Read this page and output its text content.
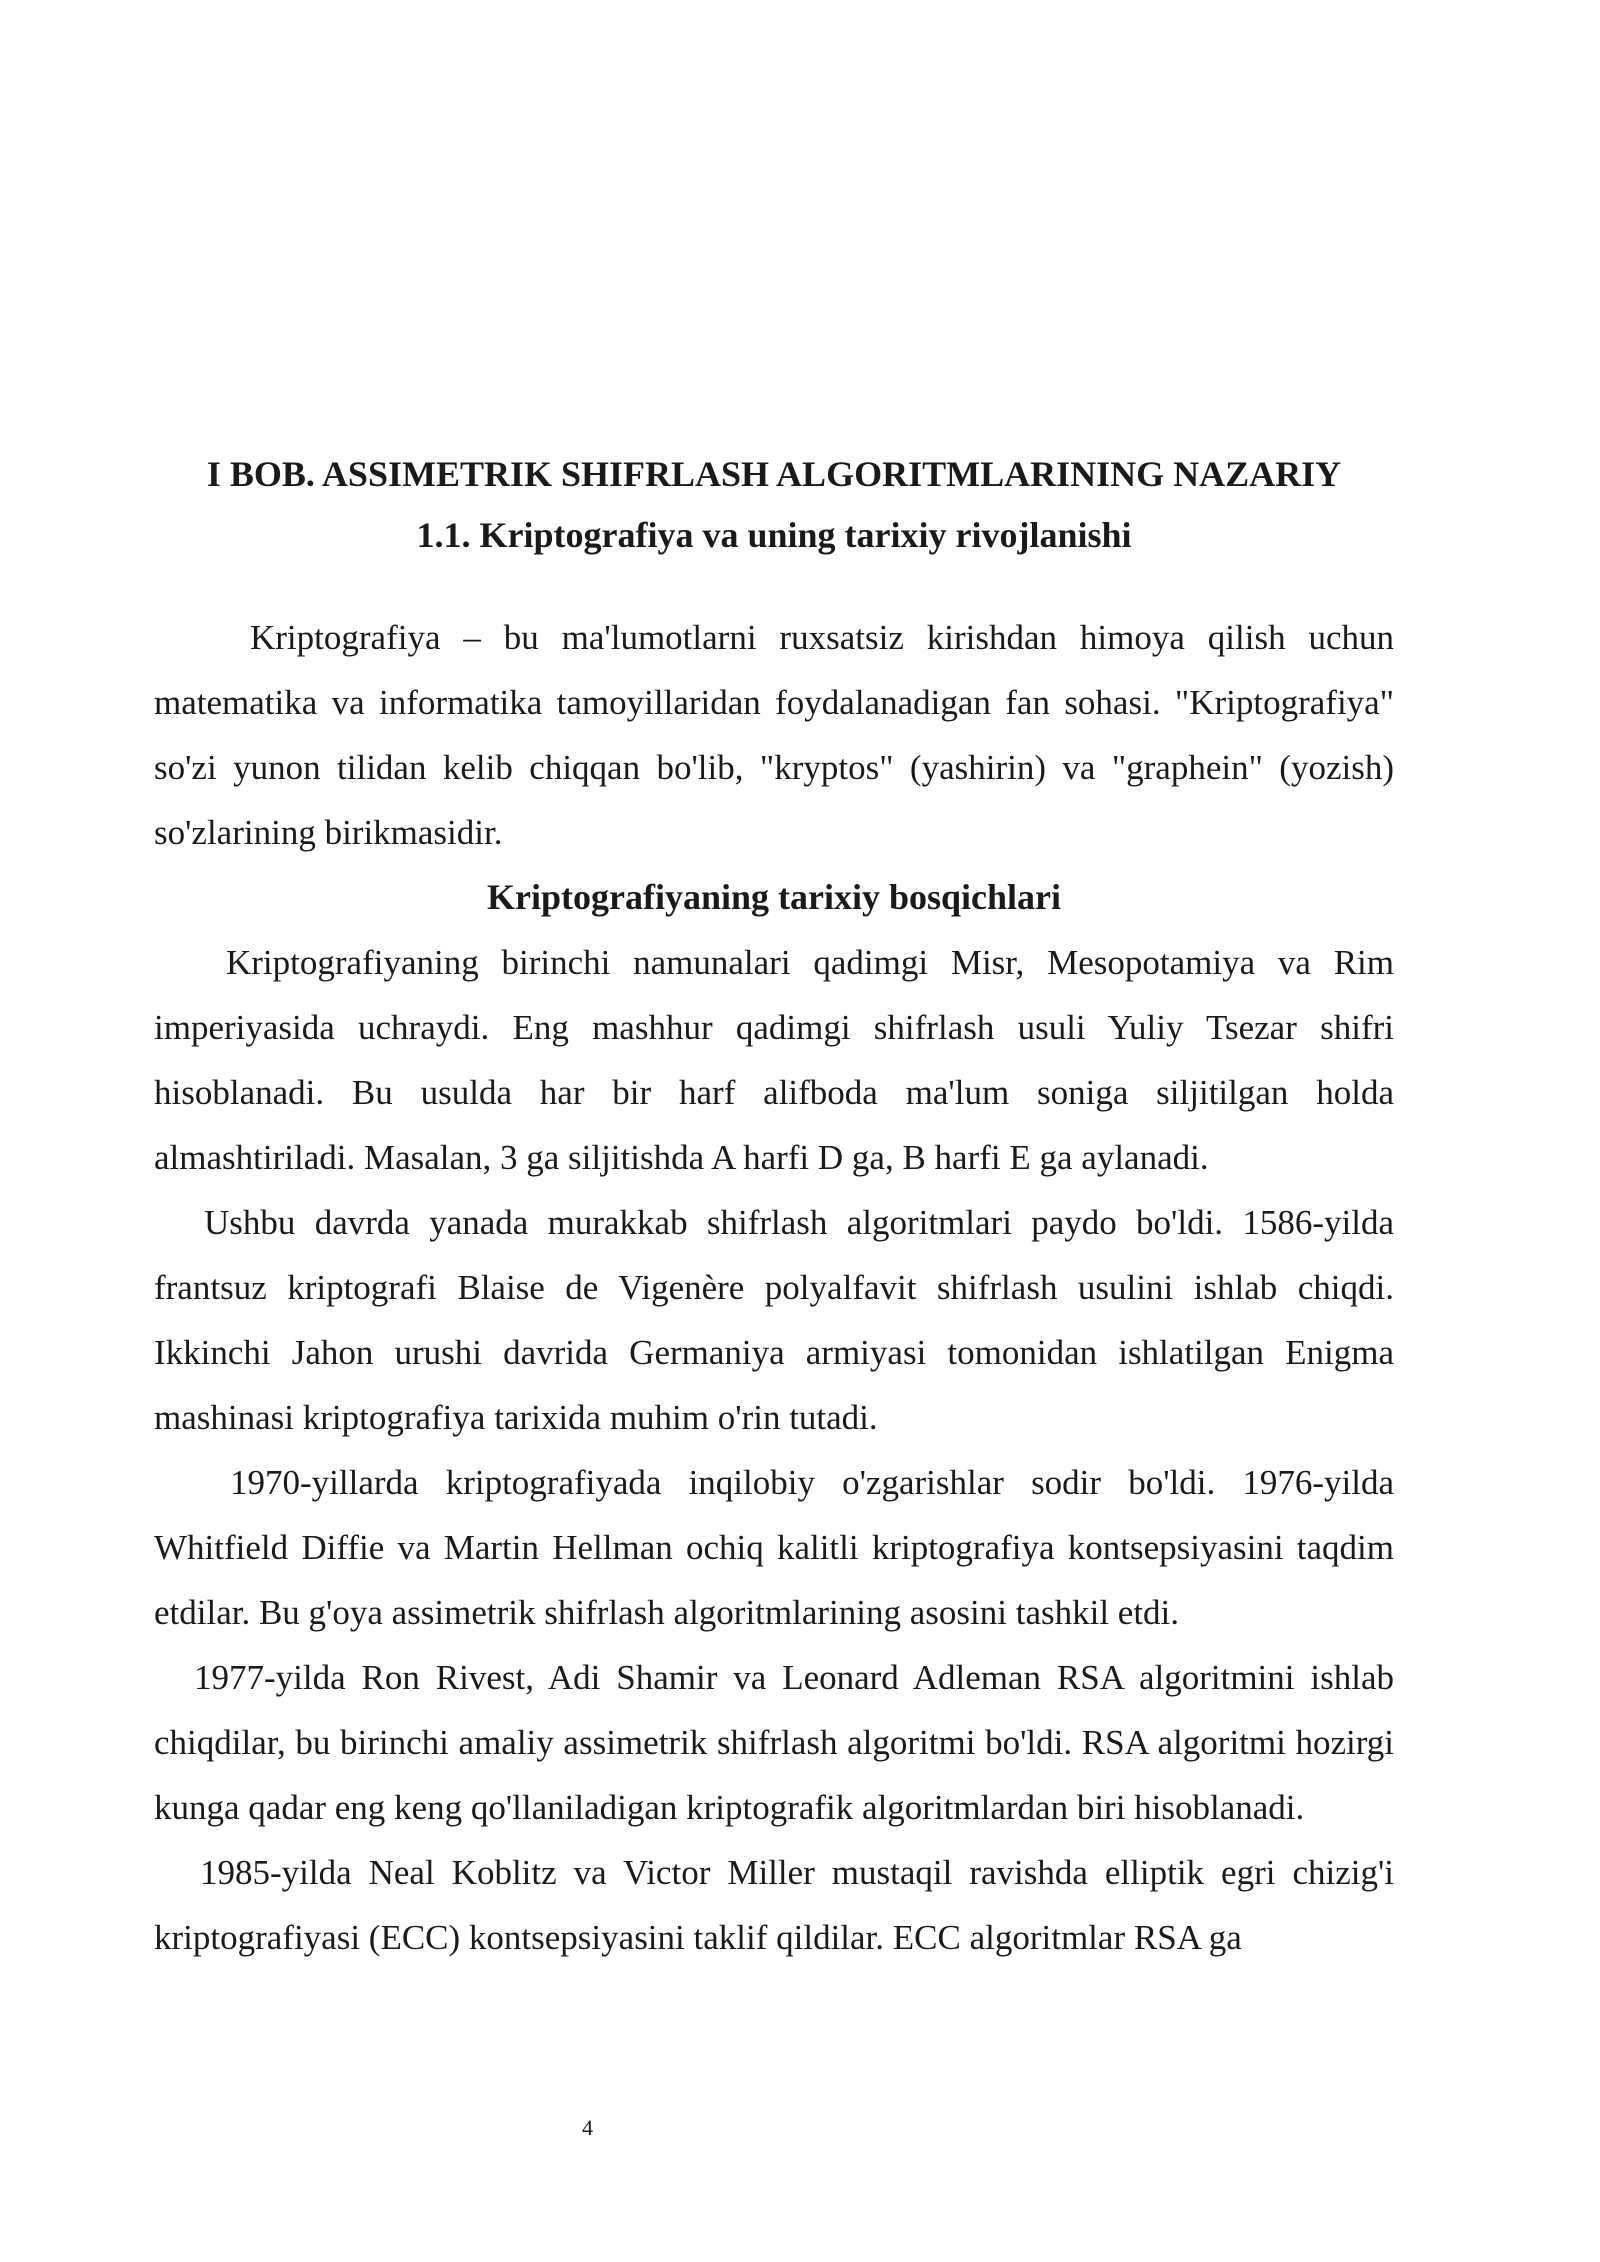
I BOB. ASSIMETRIK SHIFRLASH ALGORITMLARINING NAZARIY
1.1. Kriptografiya va uning tarixiy rivojlanishi

Kriptografiya – bu ma'lumotlarni ruxsatsiz kirishdan himoya qilish uchun matematika va informatika tamoyillaridan foydalanadigan fan sohasi. "Kriptografiya" so'zi yunon tilidan kelib chiqqan bo'lib, "kryptos" (yashirin) va "graphein" (yozish) so'zlarining birikmasidir.

Kriptografiyaning tarixiy bosqichlari

Kriptografiyaning birinchi namunalari qadimgi Misr, Mesopotamiya va Rim imperiyasida uchraydi. Eng mashhur qadimgi shifrlash usuli Yuliy Tsezar shifri hisoblanadi. Bu usulda har bir harf alifboda ma'lum soniga siljitilgan holda almashtiriladi. Masalan, 3 ga siljitishda A harfi D ga, B harfi E ga aylanadi.

Ushbu davrda yanada murakkab shifrlash algoritmlari paydo bo'ldi. 1586-yilda frantsuz kriptografi Blaise de Vigenère polyalfavit shifrlash usulini ishlab chiqdi. Ikkinchi Jahon urushi davrida Germaniya armiyasi tomonidan ishlatilgan Enigma mashinasi kriptografiya tarixida muhim o'rin tutadi.

1970-yillarda kriptografiyada inqilobiy o'zgarishlar sodir bo'ldi. 1976-yilda Whitfield Diffie va Martin Hellman ochiq kalitli kriptografiya kontsepsiyasini taqdim etdilar. Bu g'oya assimetrik shifrlash algoritmlarining asosini tashkil etdi.

1977-yilda Ron Rivest, Adi Shamir va Leonard Adleman RSA algoritmini ishlab chiqdilar, bu birinchi amaliy assimetrik shifrlash algoritmi bo'ldi. RSA algoritmi hozirgi kunga qadar eng keng qo'llaniladigan kriptografik algoritmlardan biri hisoblanadi.

1985-yilda Neal Koblitz va Victor Miller mustaqil ravishda elliptik egri chizig'i kriptografiyasi (ECC) kontsepsiyasini taklif qildilar. ECC algoritmlar RSA ga

4
